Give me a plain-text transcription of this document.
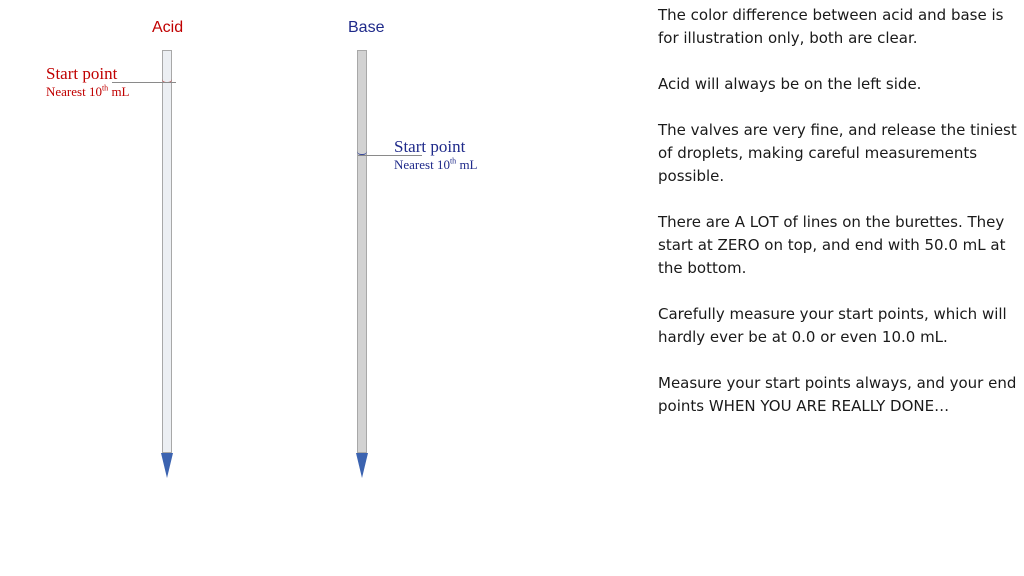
Acid	Base
Start point
Nearest 10th mL
Start point
Nearest 10th mL

The color difference between acid and base is for illustration only, both are clear.

Acid will always be on the left side.

The valves are very fine, and release the tiniest of droplets, making careful measurements possible.

There are A LOT of lines on the burettes. They start at ZERO on top, and end with 50.0 mL at the bottom.

Carefully measure your start points, which will hardly ever be at 0.0 or even 10.0 mL.

Measure your start points always, and your end points WHEN YOU ARE REALLY DONE…
